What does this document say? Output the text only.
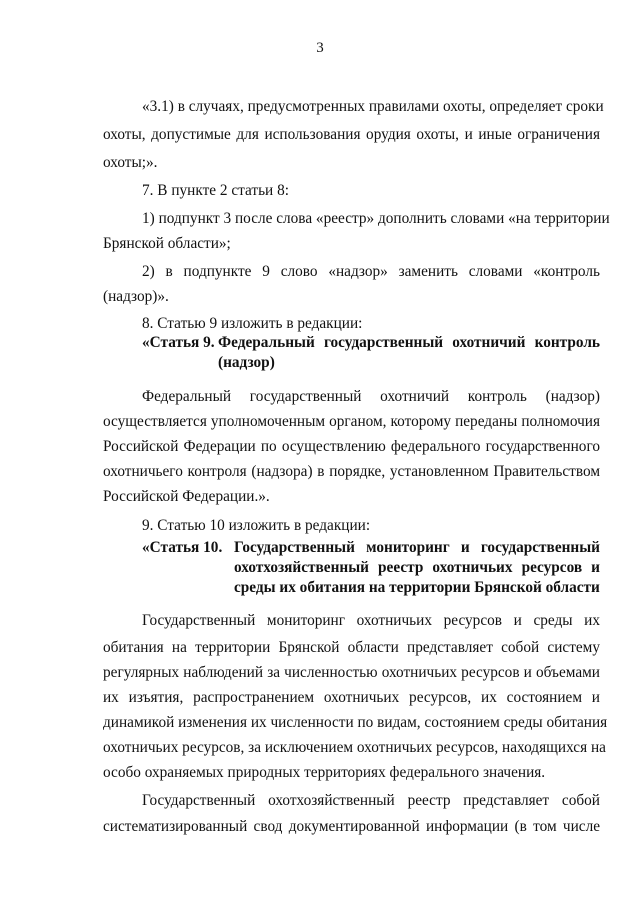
3
«3.1) в случаях, предусмотренных правилами охоты, определяет сроки
охоты, допустимые для использования орудия охоты, и иные ограничения
охоты;».
7. В пункте 2 статьи 8:
1) подпункт 3 после слова «реестр» дополнить словами «на территории
Брянской области»;
2) в подпункте 9 слово «надзор» заменить словами «контроль
(надзор)».
8. Статью 9 изложить в редакции:
«Статья 9. Федеральный государственный охотничий контроль
(надзор)
Федеральный государственный охотничий контроль (надзор)
осуществляется уполномоченным органом, которому переданы полномочия
Российской Федерации по осуществлению федерального государственного
охотничьего контроля (надзора) в порядке, установленном Правительством
Российской Федерации.».
9. Статью 10 изложить в редакции:
«Статья 10. Государственный мониторинг и государственный
охотхозяйственный реестр охотничьих ресурсов и
среды их обитания на территории Брянской области
Государственный мониторинг охотничьих ресурсов и среды их
обитания на территории Брянской области представляет собой систему
регулярных наблюдений за численностью охотничьих ресурсов и объемами
их изъятия, распространением охотничьих ресурсов, их состоянием и
динамикой изменения их численности по видам, состоянием среды обитания
охотничьих ресурсов, за исключением охотничьих ресурсов, находящихся на
особо охраняемых природных территориях федерального значения.
Государственный охотхозяйственный реестр представляет собой
систематизированный свод документированной информации (в том числе
